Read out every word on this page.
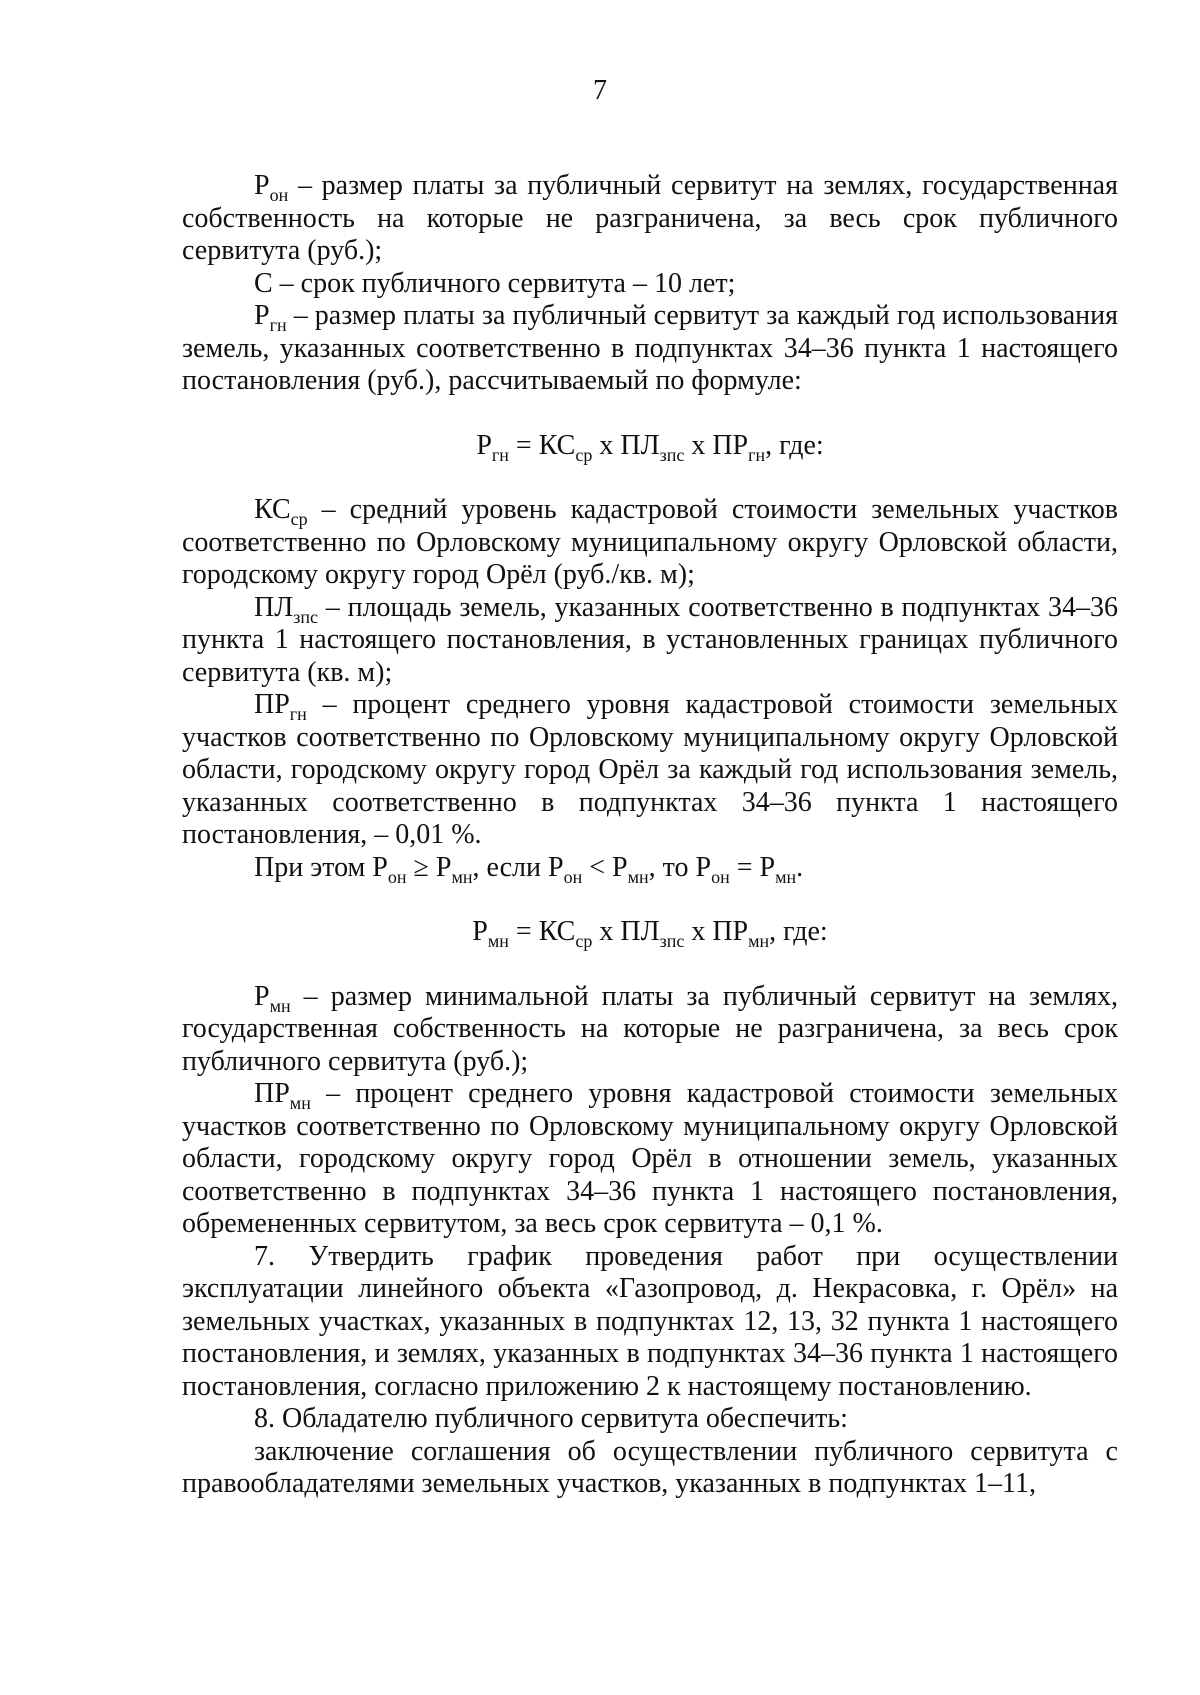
7

$Р_{он}$ – размер платы за публичный сервитут на землях, государственная собственность на которые не разграничена, за весь срок публичного сервитута (руб.);

С – срок публичного сервитута – 10 лет;

$Р_{гн}$ – размер платы за публичный сервитут за каждый год использования земель, указанных соответственно в подпунктах 34–36 пункта 1 настоящего постановления (руб.), рассчитываемый по формуле:

$Р_{гн} = КС_{ср}$ х $ПЛ_{зпс}$ х $ПР_{гн}$, где:

$КС_{ср}$ – средний уровень кадастровой стоимости земельных участков соответственно по Орловскому муниципальному округу Орловской области, городскому округу город Орёл (руб./кв. м);

$ПЛ_{зпс}$ – площадь земель, указанных соответственно в подпунктах 34–36 пункта 1 настоящего постановления, в установленных границах публичного сервитута (кв. м);

$ПР_{гн}$ – процент среднего уровня кадастровой стоимости земельных участков соответственно по Орловскому муниципальному округу Орловской области, городскому округу город Орёл за каждый год использования земель, указанных соответственно в подпунктах 34–36 пункта 1 настоящего постановления, – 0,01 %.

При этом $Р_{он} \ge Р_{мн}$, если $Р_{он} < Р_{мн}$, то $Р_{он} = Р_{мн}$.

$Р_{мн} = КС_{ср}$ х $ПЛ_{зпс}$ х $ПР_{мн}$, где:

$Р_{мн}$ – размер минимальной платы за публичный сервитут на землях, государственная собственность на которые не разграничена, за весь срок публичного сервитута (руб.);

$ПР_{мн}$ – процент среднего уровня кадастровой стоимости земельных участков соответственно по Орловскому муниципальному округу Орловской области, городскому округу город Орёл в отношении земель, указанных соответственно в подпунктах 34–36 пункта 1 настоящего постановления, обремененных сервитутом, за весь срок сервитута – 0,1 %.

7. Утвердить график проведения работ при осуществлении эксплуатации линейного объекта «Газопровод, д. Некрасовка, г. Орёл» на земельных участках, указанных в подпунктах 12, 13, 32 пункта 1 настоящего постановления, и землях, указанных в подпунктах 34–36 пункта 1 настоящего постановления, согласно приложению 2 к настоящему постановлению.

8. Обладателю публичного сервитута обеспечить:

заключение соглашения об осуществлении публичного сервитута с правообладателями земельных участков, указанных в подпунктах 1–11,
